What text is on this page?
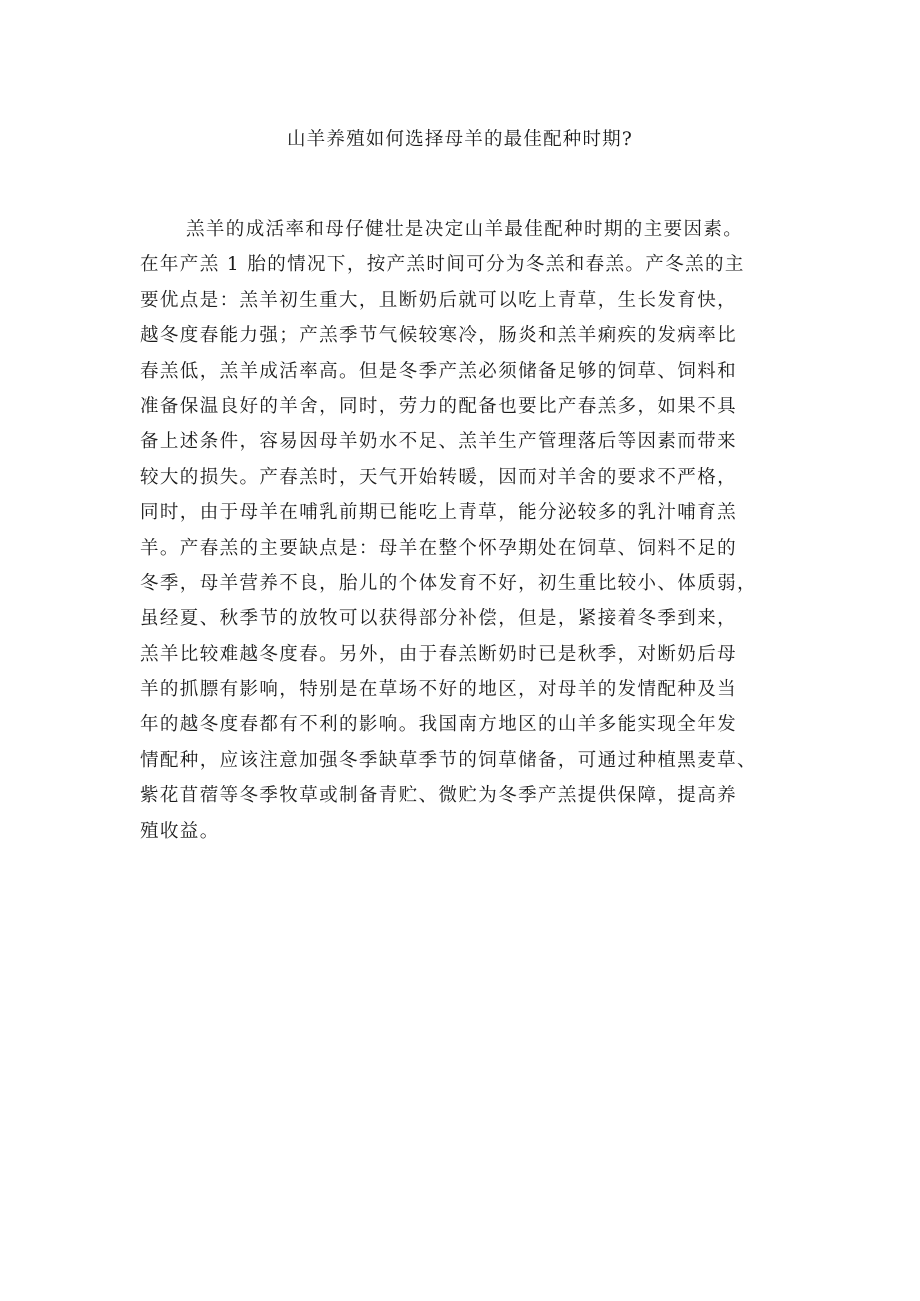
山羊养殖如何选择母羊的最佳配种时期?
羔羊的成活率和母仔健壮是决定山羊最佳配种时期的主要因素。
在年产羔 1 胎的情况下，按产羔时间可分为冬羔和春羔。产冬羔的主
要优点是：羔羊初生重大，且断奶后就可以吃上青草，生长发育快，
越冬度春能力强；产羔季节气候较寒冷，肠炎和羔羊痢疾的发病率比
春羔低，羔羊成活率高。但是冬季产羔必须储备足够的饲草、饲料和
准备保温良好的羊舍，同时，劳力的配备也要比产春羔多，如果不具
备上述条件，容易因母羊奶水不足、羔羊生产管理落后等因素而带来
较大的损失。产春羔时，天气开始转暖，因而对羊舍的要求不严格，
同时，由于母羊在哺乳前期已能吃上青草，能分泌较多的乳汁哺育羔
羊。产春羔的主要缺点是：母羊在整个怀孕期处在饲草、饲料不足的
冬季，母羊营养不良，胎儿的个体发育不好，初生重比较小、体质弱，
虽经夏、秋季节的放牧可以获得部分补偿，但是，紧接着冬季到来，
羔羊比较难越冬度春。另外，由于春羔断奶时已是秋季，对断奶后母
羊的抓膘有影响，特别是在草场不好的地区，对母羊的发情配种及当
年的越冬度春都有不利的影响。我国南方地区的山羊多能实现全年发
情配种，应该注意加强冬季缺草季节的饲草储备，可通过种植黑麦草、
紫花苜蓿等冬季牧草或制备青贮、微贮为冬季产羔提供保障，提高养
殖收益。
